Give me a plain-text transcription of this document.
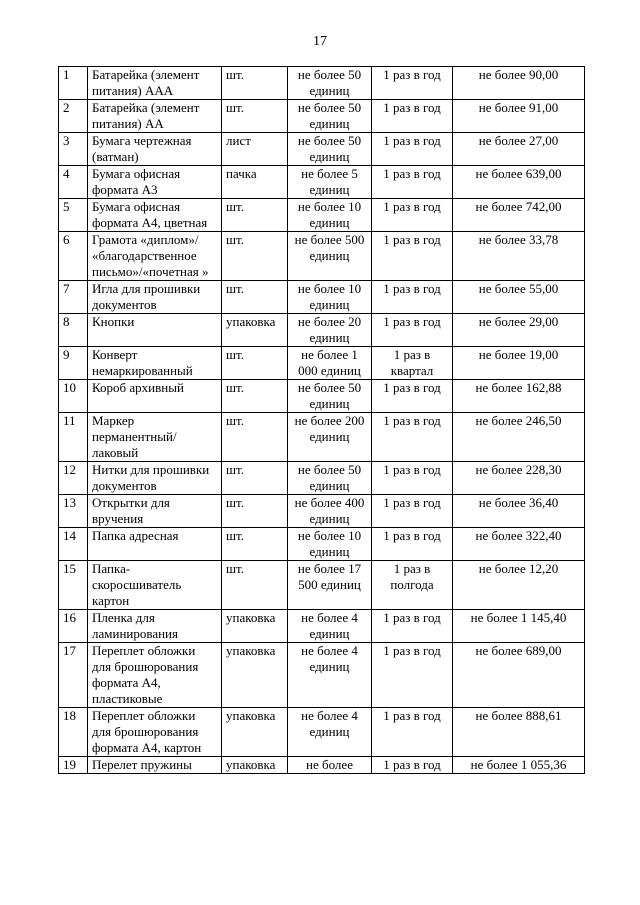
17
1	Батарейка (элемент питания) ААА	шт.	не более 50 единиц	1 раз в год	не более 90,00
2	Батарейка (элемент питания) АА	шт.	не более 50 единиц	1 раз в год	не более 91,00
3	Бумага чертежная (ватман)	лист	не более 50 единиц	1 раз в год	не более 27,00
4	Бумага офисная формата А3	пачка	не более 5 единиц	1 раз в год	не более 639,00
5	Бумага офисная формата А4, цветная	шт.	не более 10 единиц	1 раз в год	не более 742,00
6	Грамота «диплом»/ «благодарственное письмо»/«почетная »	шт.	не более 500 единиц	1 раз в год	не более 33,78
7	Игла для прошивки документов	шт.	не более 10 единиц	1 раз в год	не более 55,00
8	Кнопки	упаковка	не более 20 единиц	1 раз в год	не более 29,00
9	Конверт немаркированный	шт.	не более 1 000 единиц	1 раз в квартал	не более 19,00
10	Короб архивный	шт.	не более 50 единиц	1 раз в год	не более 162,88
11	Маркер перманентный/лаковый	шт.	не более 200 единиц	1 раз в год	не более 246,50
12	Нитки для прошивки документов	шт.	не более 50 единиц	1 раз в год	не более 228,30
13	Открытки для вручения	шт.	не более 400 единиц	1 раз в год	не более 36,40
14	Папка адресная	шт.	не более 10 единиц	1 раз в год	не более 322,40
15	Папка-скоросшиватель картон	шт.	не более 17 500 единиц	1 раз в полгода	не более 12,20
16	Пленка для ламинирования	упаковка	не более 4 единиц	1 раз в год	не более 1 145,40
17	Переплет обложки для брошюрования формата А4, пластиковые	упаковка	не более 4 единиц	1 раз в год	не более 689,00
18	Переплет обложки для брошюрования формата А4, картон	упаковка	не более 4 единиц	1 раз в год	не более 888,61
19	Перелет пружины	упаковка	не более	1 раз в год	не более 1 055,36
